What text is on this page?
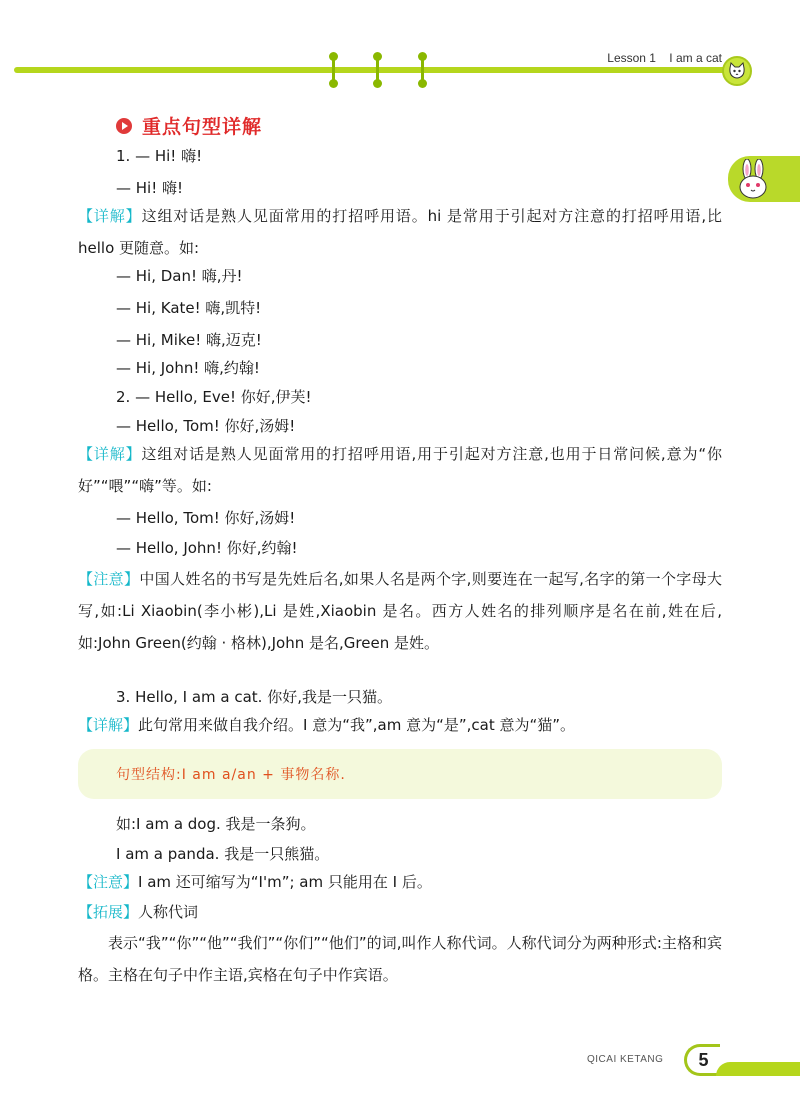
Lesson 1    I am a cat
重点句型详解
1. — Hi! 嗨!
— Hi! 嗨!
【详解】这组对话是熟人见面常用的打招呼用语。hi 是常用于引起对方注意的打招呼用语,比 hello 更随意。如:
— Hi, Dan! 嗨,丹!
— Hi, Kate! 嗨,凯特!
— Hi, Mike! 嗨,迈克!
— Hi, John! 嗨,约翰!
2. — Hello, Eve! 你好,伊芙!
— Hello, Tom! 你好,汤姆!
【详解】这组对话是熟人见面常用的打招呼用语,用于引起对方注意,也用于日常问候,意为“你好”“喂”“嗨”等。如:
— Hello, Tom! 你好,汤姆!
— Hello, John! 你好,约翰!
【注意】中国人姓名的书写是先姓后名,如果人名是两个字,则要连在一起写,名字的第一个字母大写,如:Li Xiaobin(李小彬),Li 是姓,Xiaobin 是名。西方人姓名的排列顺序是名在前,姓在后,如:John Green(约翰 · 格林),John 是名,Green 是姓。
3. Hello, I am a cat. 你好,我是一只猫。
【详解】此句常用来做自我介绍。I 意为“我”,am 意为“是”,cat 意为“猫”。
句型结构:I am a/an + 事物名称.
如:I am a dog. 我是一条狗。
I am a panda. 我是一只熊猫。
【注意】I am 还可缩写为“I'm”; am 只能用在 I 后。
【拓展】人称代词
表示“我”“你”“他”“我们”“你们”“他们”的词,叫作人称代词。人称代词分为两种形式:主格和宾格。主格在句子中作主语,宾格在句子中作宾语。
QICAI KETANG	5
